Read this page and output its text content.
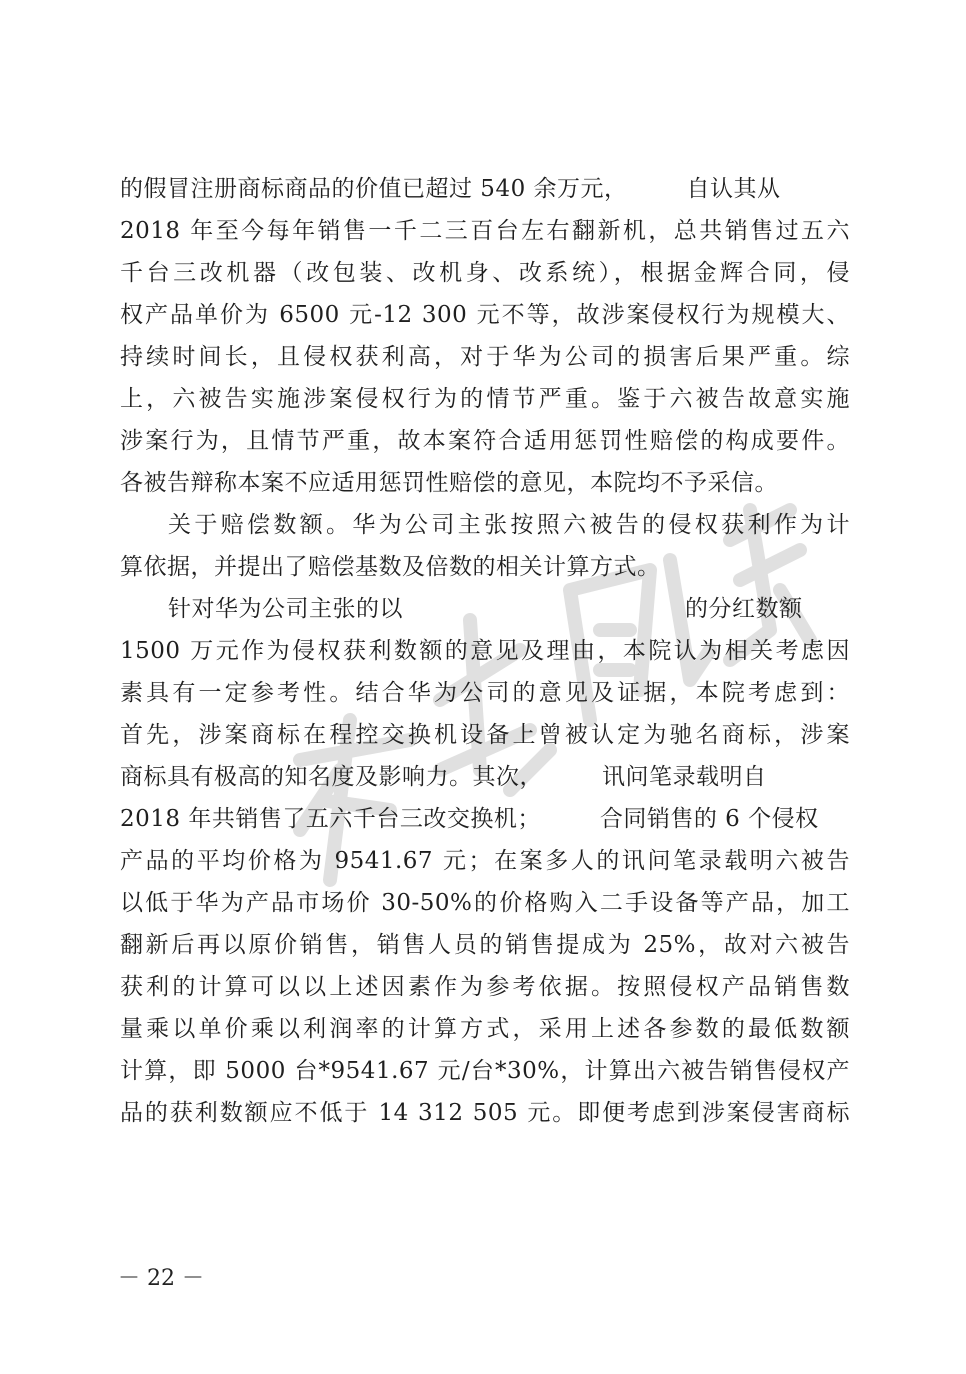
的假冒注册商标商品的价值已超过 540 余万元，　　　自认其从
2018 年至今每年销售一千二三百台左右翻新机，总共销售过五六
千台三改机器（改包装、改机身、改系统），根据金辉合同，侵
权产品单价为 6500 元-12 300 元不等，故涉案侵权行为规模大、
持续时间长，且侵权获利高，对于华为公司的损害后果严重。综
上，六被告实施涉案侵权行为的情节严重。鉴于六被告故意实施
涉案行为，且情节严重，故本案符合适用惩罚性赔偿的构成要件。
各被告辩称本案不应适用惩罚性赔偿的意见，本院均不予采信。
关于赔偿数额。华为公司主张按照六被告的侵权获利作为计
算依据，并提出了赔偿基数及倍数的相关计算方式。
针对华为公司主张的以　　　　　　　　　　　　的分红数额
1500 万元作为侵权获利数额的意见及理由，本院认为相关考虑因
素具有一定参考性。结合华为公司的意见及证据，本院考虑到：
首先，涉案商标在程控交换机设备上曾被认定为驰名商标，涉案
商标具有极高的知名度及影响力。其次，　　　讯问笔录载明自
2018 年共销售了五六千台三改交换机；　　　合同销售的 6 个侵权
产品的平均价格为 9541.67 元；在案多人的讯问笔录载明六被告
以低于华为产品市场价 30-50%的价格购入二手设备等产品，加工
翻新后再以原价销售，销售人员的销售提成为 25%，故对六被告
获利的计算可以以上述因素作为参考依据。按照侵权产品销售数
量乘以单价乘以利润率的计算方式，采用上述各参数的最低数额
计算，即 5000 台*9541.67 元/台*30%，计算出六被告销售侵权产
品的获利数额应不低于 14 312 505 元。即便考虑到涉案侵害商标
－ 22 －
